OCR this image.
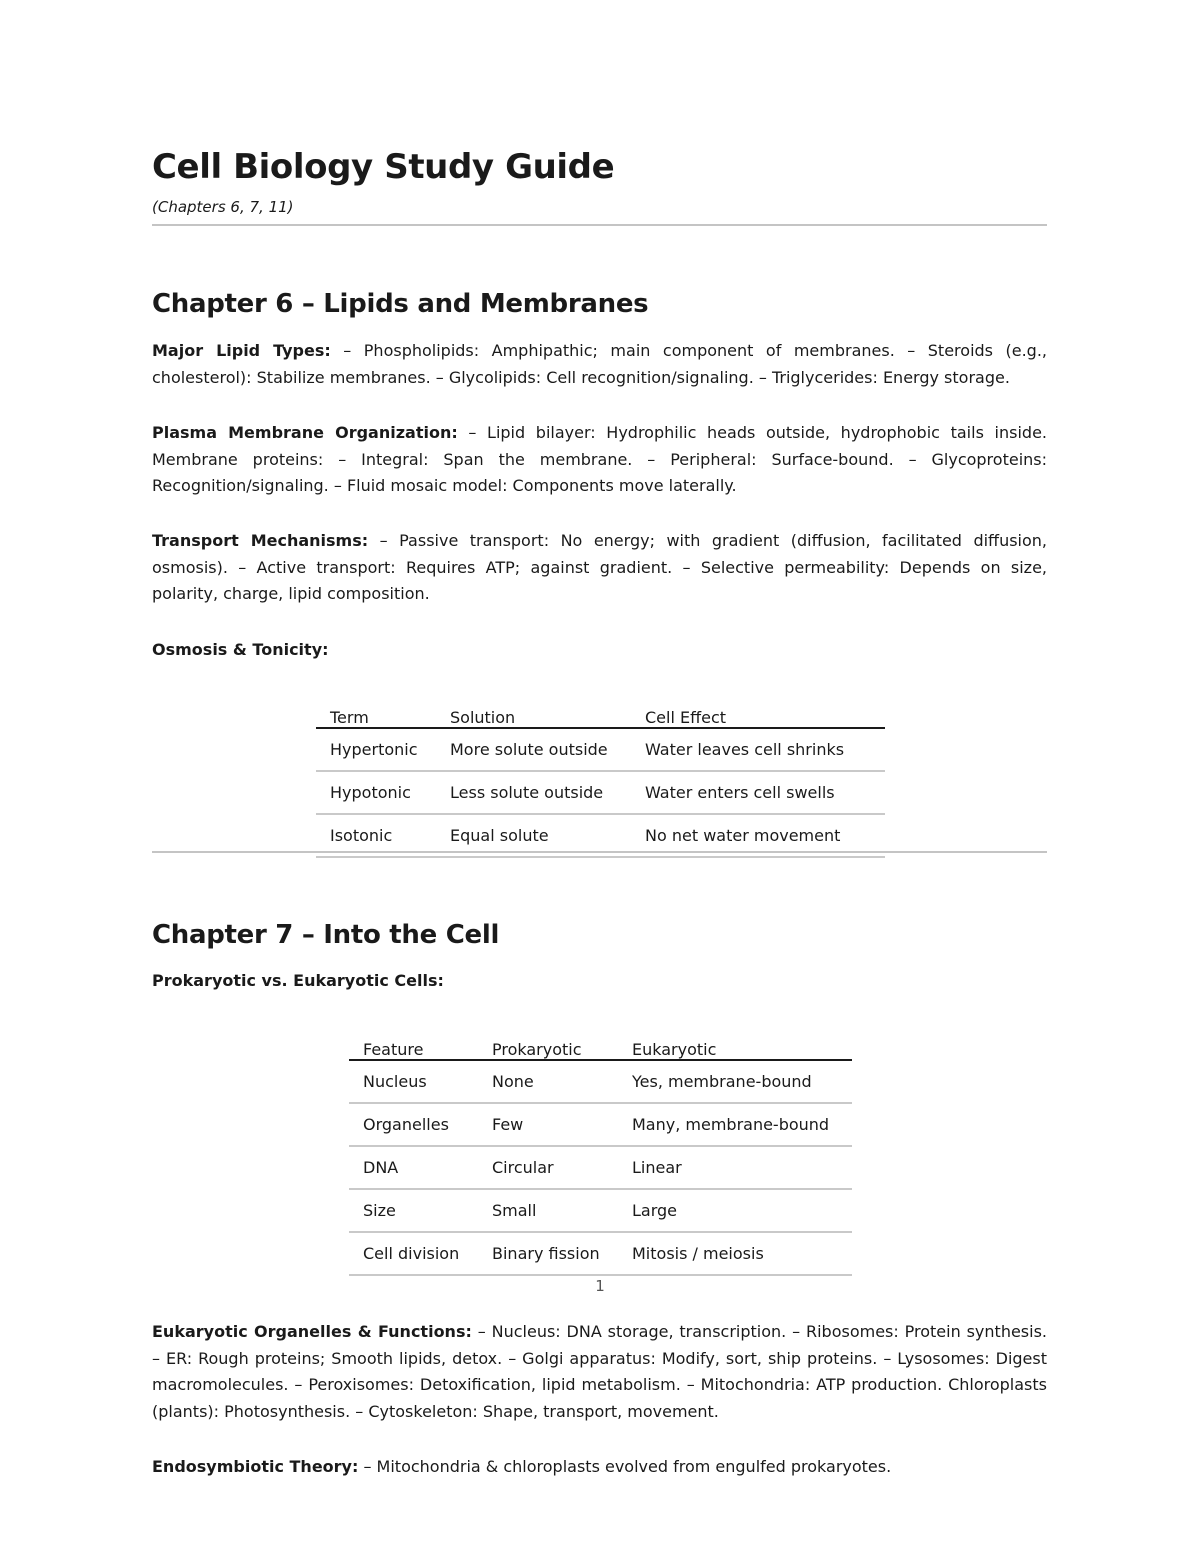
Cell Biology Study Guide

(Chapters 6, 7, 11)

Chapter 6 – Lipids and Membranes

Major Lipid Types: – Phospholipids: Amphipathic; main component of membranes. – Steroids (e.g., cholesterol): Stabilize membranes. – Glycolipids: Cell recognition/signaling. – Triglycerides: Energy storage.

Plasma Membrane Organization: – Lipid bilayer: Hydrophilic heads outside, hydrophobic tails inside. Membrane proteins: – Integral: Span the membrane. – Peripheral: Surface-bound. – Glycoproteins: Recognition/signaling. – Fluid mosaic model: Components move laterally.

Transport Mechanisms: – Passive transport: No energy; with gradient (diffusion, facilitated diffusion, osmosis). – Active transport: Requires ATP; against gradient. – Selective permeability: Depends on size, polarity, charge, lipid composition.

Osmosis & Tonicity:

Term	Solution	Cell Effect
Hypertonic	More solute outside	Water leaves cell shrinks
Hypotonic	Less solute outside	Water enters cell swells
Isotonic	Equal solute	No net water movement
Chapter 7 – Into the Cell

Prokaryotic vs. Eukaryotic Cells:

Feature	Prokaryotic	Eukaryotic
Nucleus	None	Yes, membrane-bound
Organelles	Few	Many, membrane-bound
DNA	Circular	Linear
Size	Small	Large
Cell division	Binary fission	Mitosis / meiosis
1

Eukaryotic Organelles & Functions: – Nucleus: DNA storage, transcription. – Ribosomes: Protein synthesis. – ER: Rough proteins; Smooth lipids, detox. – Golgi apparatus: Modify, sort, ship proteins. – Lysosomes: Digest macromolecules. – Peroxisomes: Detoxification, lipid metabolism. – Mitochondria: ATP production. Chloroplasts (plants): Photosynthesis. – Cytoskeleton: Shape, transport, movement.

Endosymbiotic Theory: – Mitochondria & chloroplasts evolved from engulfed prokaryotes.
